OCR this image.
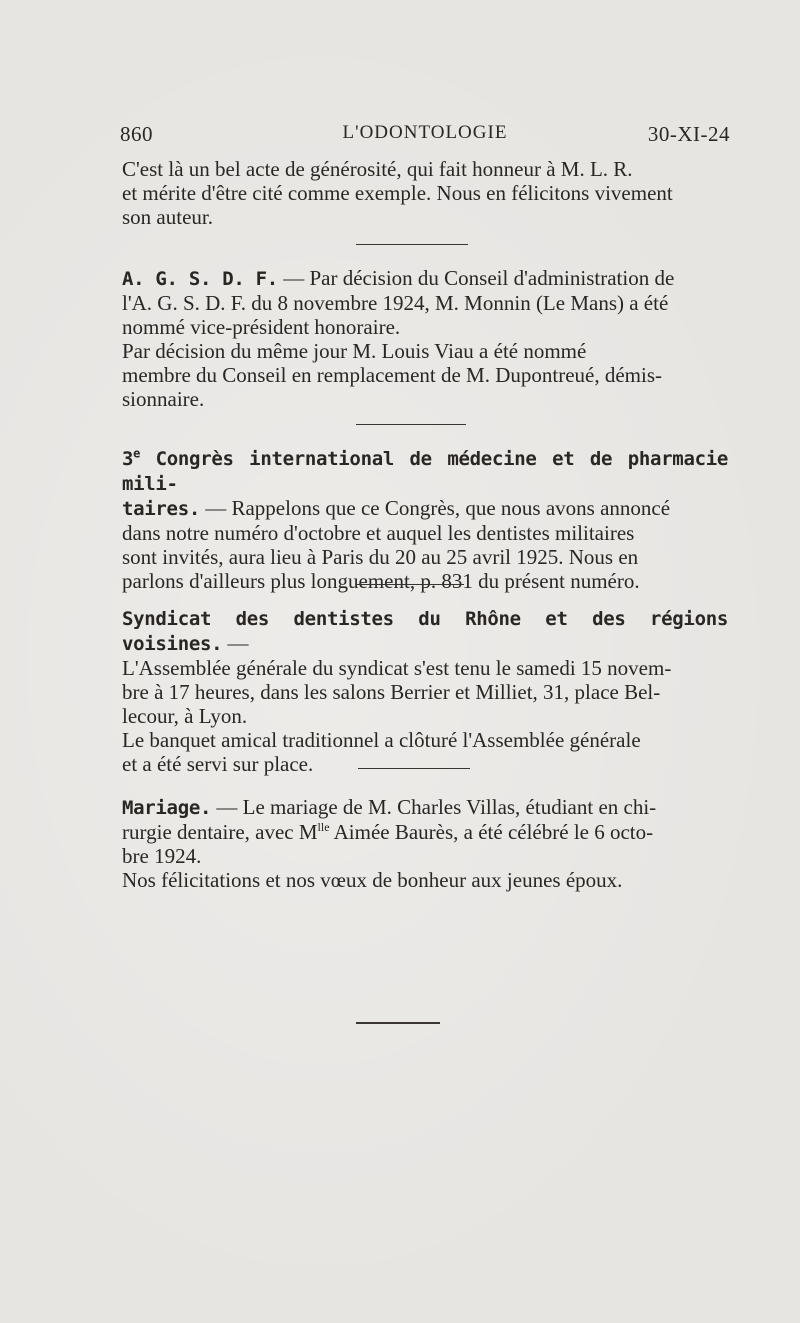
860	L'ODONTOLOGIE	30-XI-24
C'est là un bel acte de générosité, qui fait honneur à M. L. R.
et mérite d'être cité comme exemple. Nous en félicitons vivement
son auteur.
A. G. S. D. F. — Par décision du Conseil d'administration de
l'A. G. S. D. F. du 8 novembre 1924, M. Monnin (Le Mans) a été
nommé vice-président honoraire.
Par décision du même jour M. Louis Viau a été nommé
membre du Conseil en remplacement de M. Dupontreué, démis-
sionnaire.
3e Congrès international de médecine et de pharmacie mili-
taires. — Rappelons que ce Congrès, que nous avons annoncé
dans notre numéro d'octobre et auquel les dentistes militaires
sont invités, aura lieu à Paris du 20 au 25 avril 1925. Nous en
parlons d'ailleurs plus longuement, p. 831 du présent numéro.
Syndicat des dentistes du Rhône et des régions voisines. —
L'Assemblée générale du syndicat s'est tenu le samedi 15 novem-
bre à 17 heures, dans les salons Berrier et Milliet, 31, place Bel-
lecour, à Lyon.
Le banquet amical traditionnel a clôturé l'Assemblée générale
et a été servi sur place.
Mariage. — Le mariage de M. Charles Villas, étudiant en chi-
rurgie dentaire, avec $M^{lle}$ Aimée Baurès, a été célébré le 6 octo-
bre 1924.
Nos félicitations et nos vœux de bonheur aux jeunes époux.
